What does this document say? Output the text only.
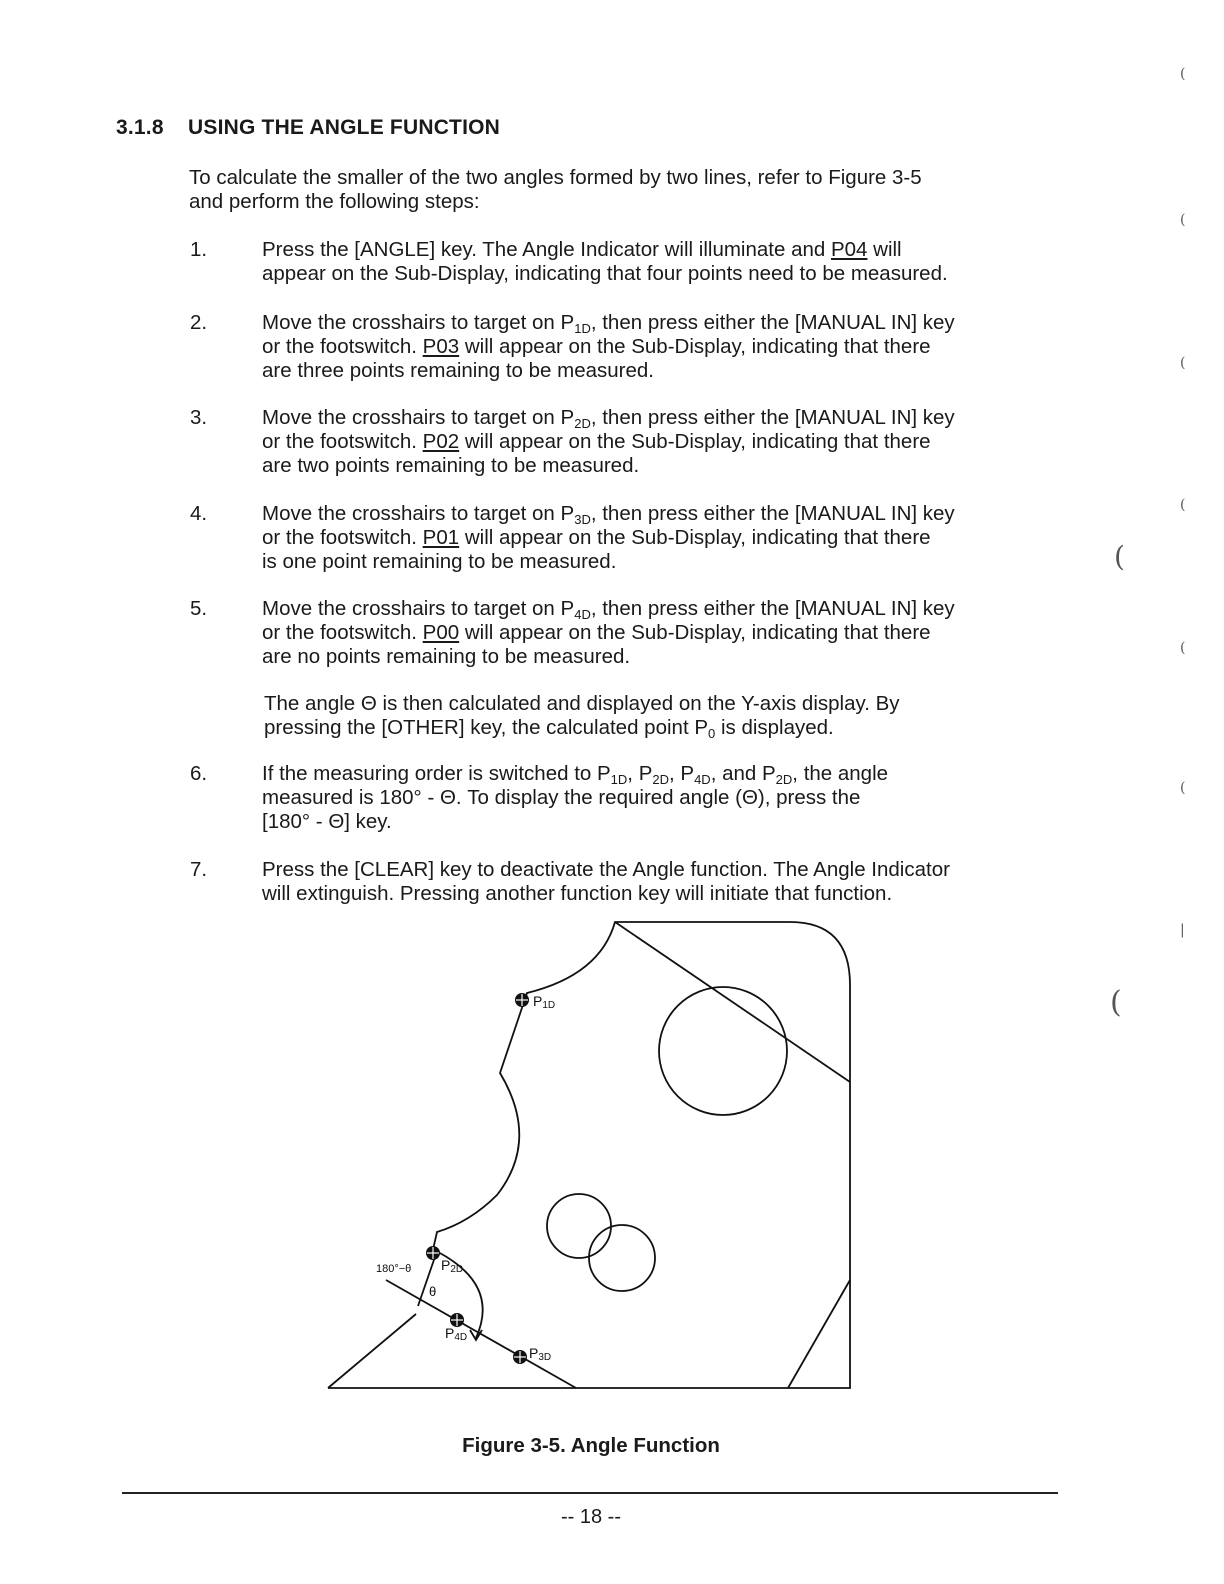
3.1.8 USING THE ANGLE FUNCTION
To calculate the smaller of the two angles formed by two lines, refer to Figure 3-5
and perform the following steps:
1.	Press the [ANGLE] key. The Angle Indicator will illuminate and P04 will
appear on the Sub-Display, indicating that four points need to be measured.
2.	Move the crosshairs to target on $P_{1D}$, then press either the [MANUAL IN] key
or the footswitch. P03 will appear on the Sub-Display, indicating that there
are three points remaining to be measured.
3.	Move the crosshairs to target on $P_{2D}$, then press either the [MANUAL IN] key
or the footswitch. P02 will appear on the Sub-Display, indicating that there
are two points remaining to be measured.
4.	Move the crosshairs to target on $P_{3D}$, then press either the [MANUAL IN] key
or the footswitch. P01 will appear on the Sub-Display, indicating that there
is one point remaining to be measured.
5.	Move the crosshairs to target on $P_{4D}$, then press either the [MANUAL IN] key
or the footswitch. P00 will appear on the Sub-Display, indicating that there
are no points remaining to be measured.
The angle Θ is then calculated and displayed on the Y-axis display. By
pressing the [OTHER] key, the calculated point $P_0$ is displayed.
6.	If the measuring order is switched to $P_{1D}$, $P_{2D}$, $P_{4D}$, and $P_{2D}$, the angle
measured is 180° - Θ. To display the required angle (Θ), press the
[180° - Θ] key.
7.	Press the [CLEAR] key to deactivate the Angle function. The Angle Indicator
will extinguish. Pressing another function key will initiate that function.
P1D
P2D
P4D
P3D
θ
180°−θ
(
(
(
(
(
(
(
|
(
Figure 3-5. Angle Function
-- 18 --
